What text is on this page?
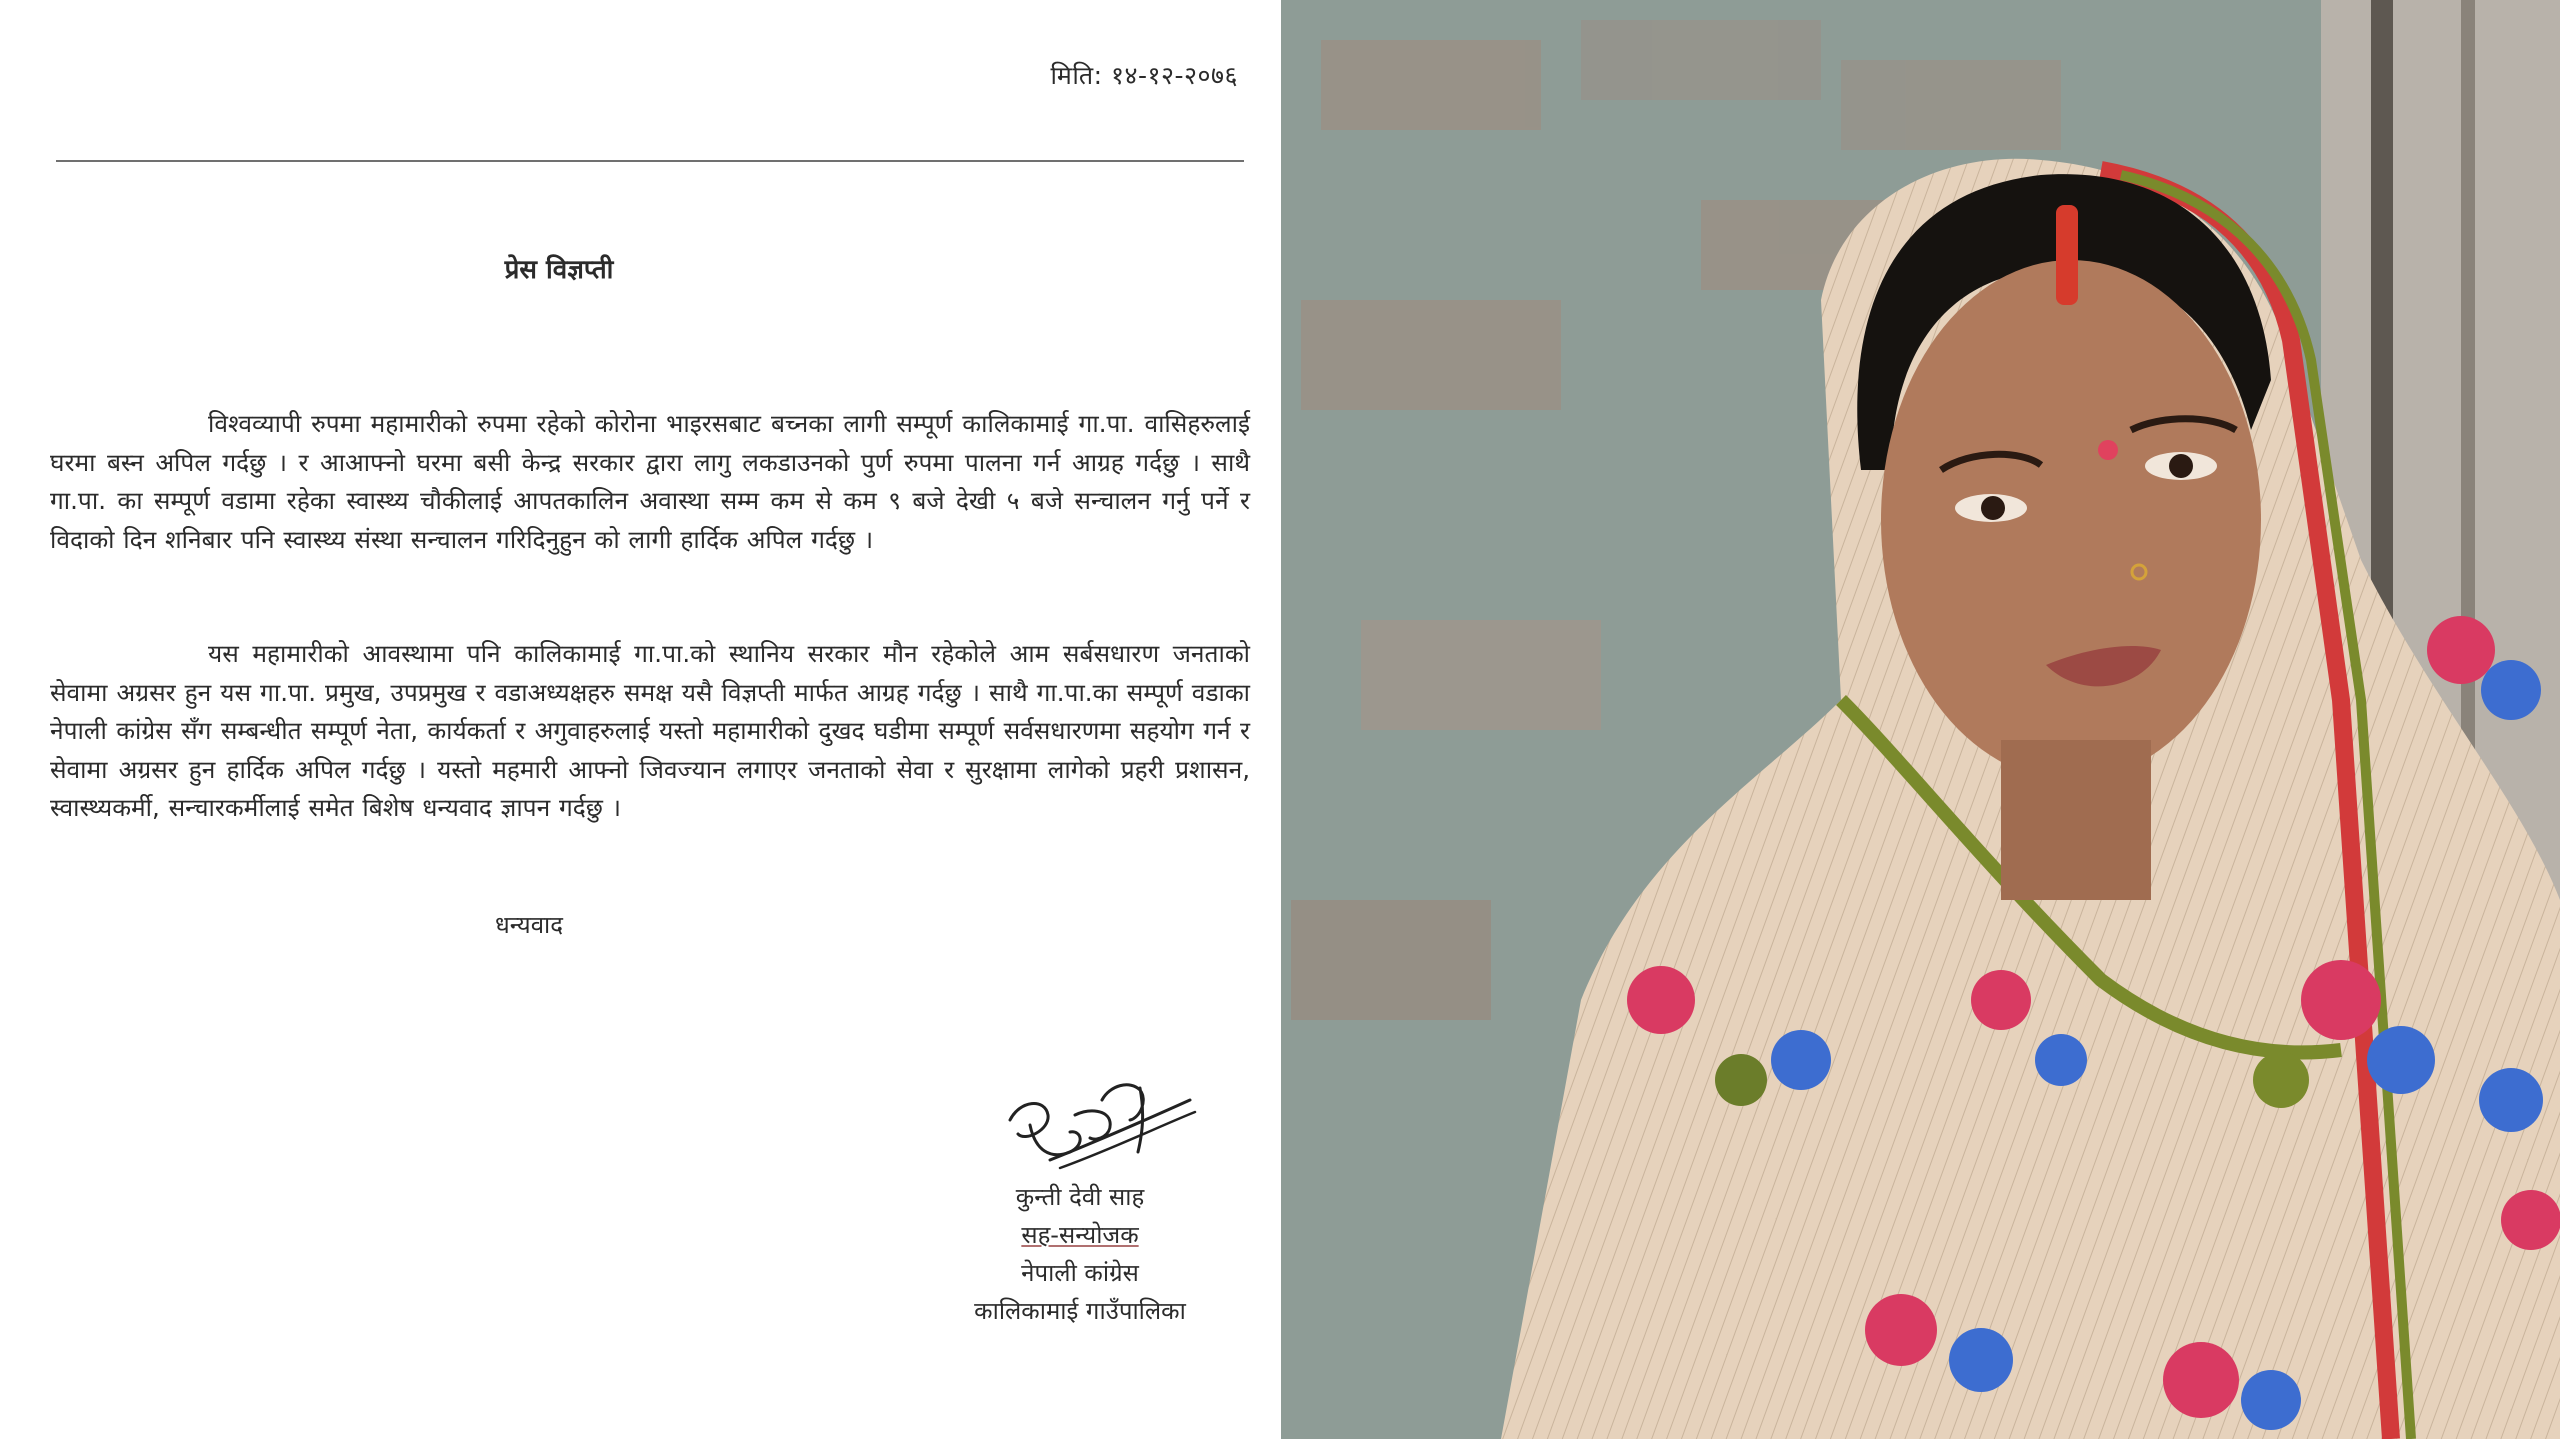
मिति: १४-१२-२०७६
प्रेस विज्ञप्ती

विश्वव्यापी रुपमा महामारीको रुपमा रहेको कोरोना भाइरसबाट बच्नका लागी सम्पूर्ण कालिकामाई गा.पा. वासिहरुलाई घरमा बस्न अपिल गर्दछु । र आआफ्नो घरमा बसी केन्द्र सरकार द्वारा लागु लकडाउनको पुर्ण रुपमा पालना गर्न आग्रह गर्दछु । साथै गा.पा. का सम्पूर्ण वडामा रहेका स्वास्थ्य चौकीलाई आपतकालिन अवास्था सम्म कम से कम ९ बजे देखी ५ बजे सन्चालन गर्नु पर्ने र विदाको दिन शनिबार पनि स्वास्थ्य संस्था सन्चालन गरिदिनुहुन को लागी हार्दिक अपिल गर्दछु ।

यस महामारीको आवस्थामा पनि कालिकामाई गा.पा.को स्थानिय सरकार मौन रहेकोले आम सर्बसधारण जनताको सेवामा अग्रसर हुन यस गा.पा. प्रमुख, उपप्रमुख र वडाअध्यक्षहरु समक्ष यसै विज्ञप्ती मार्फत आग्रह गर्दछु । साथै गा.पा.का सम्पूर्ण वडाका नेपाली कांग्रेस सँग सम्बन्धीत सम्पूर्ण नेता, कार्यकर्ता र अगुवाहरुलाई यस्तो महामारीको दुखद घडीमा सम्पूर्ण सर्वसधारणमा सहयोग गर्न र सेवामा अग्रसर हुन हार्दिक अपिल गर्दछु । यस्तो महमारी आफ्नो जिवज्यान लगाएर जनताको सेवा र सुरक्षामा लागेको प्रहरी प्रशासन, स्वास्थ्यकर्मी, सन्चारकर्मीलाई समेत बिशेष धन्यवाद ज्ञापन गर्दछु ।

धन्यवाद
कुन्ती देवी साह
सह-सन्योजक
नेपाली कांग्रेस
कालिकामाई गाउँपालिका
